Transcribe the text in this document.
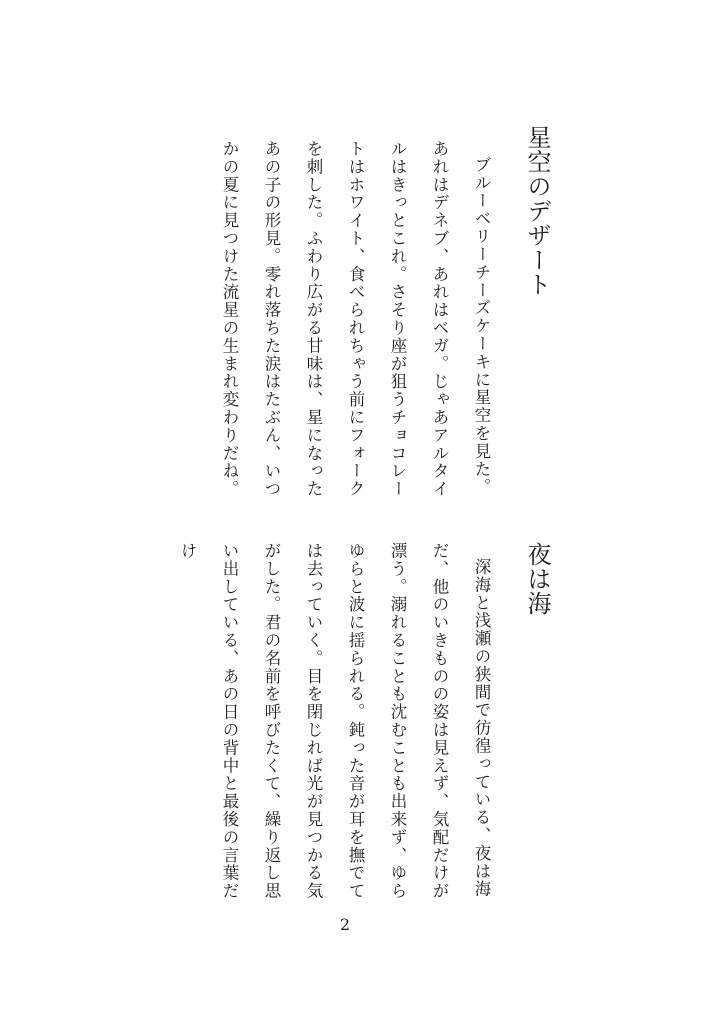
星空のデザート
ブルーベリーチーズケーキに星空を見た。
あれはデネブ、あれはベガ。じゃあアルタイ
ルはきっとこれ。さそり座が狙うチョコレー
トはホワイト、食べられちゃう前にフォーク
を刺した。ふわり広がる甘味は、星になった
あの子の形見。零れ落ちた涙はたぶん、いつ
かの夏に見つけた流星の生まれ変わりだね。
夜は海
深海と浅瀬の狭間で彷徨っている、夜は海
だ、他のいきものの姿は見えず、気配だけが
漂う。溺れることも沈むことも出来ず、ゆら
ゆらと波に揺られる。鈍った音が耳を撫でて
は去っていく。目を閉じれば光が見つかる気
がした。君の名前を呼びたくて、繰り返し思
い出している、あの日の背中と最後の言葉だ
け
2
